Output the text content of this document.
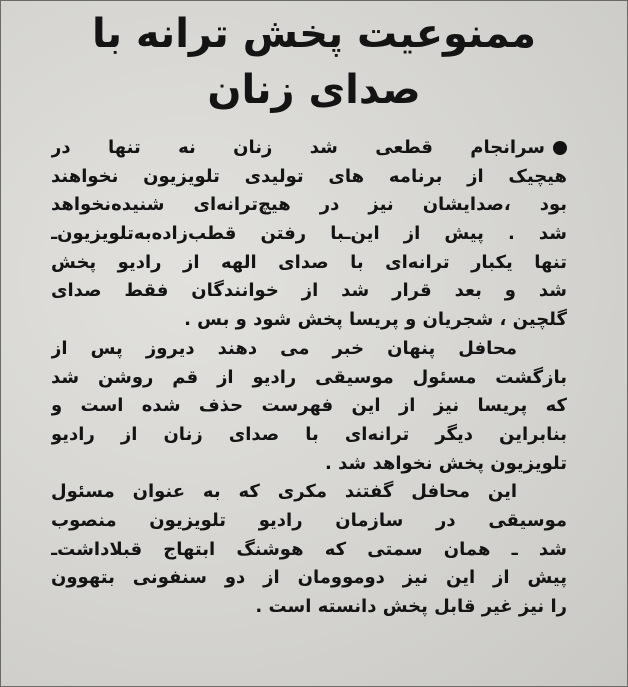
ممنوعیت پخش ترانه با
صدای زنان
سرانجام قطعی شد زنان نه تنها در
هیچیک از برنامه های تولیدی تلویزیون نخواهند
بود ،صدایشان نیز در هیچ‌ترانه‌ای شنیده‌نخواهد
شد . پیش از این‌ـبا رفتن قطب‌زاده‌به‌تلویزیون‌ـ
تنها یکبار ترانه‌ای با صدای الهه از رادیو پخش
شد و بعد قرار شد از خوانندگان فقط صدای
گلچین ، شجریان و پریسا پخش شود و بس .
محافل پنهان خبر می دهند دیروز پس از
بازگشت مسئول موسیقی رادیو از قم روشن شد
که پریسا نیز از این فهرست حذف شده است و
بنابراین دیگر ترانه‌ای با صدای زنان از رادیو
تلویزیون پخش نخواهد شد .
این محافل گفتند مکری که به عنوان مسئول
موسیقی در سازمان رادیو تلویزیون منصوب
شد ـ همان سمتی که هوشنگ ابتهاج قبلاداشت‌ـ
پیش از این نیز دوموومان از دو سنفونی بتهوون
را نیز غیر قابل پخش دانسته است .
